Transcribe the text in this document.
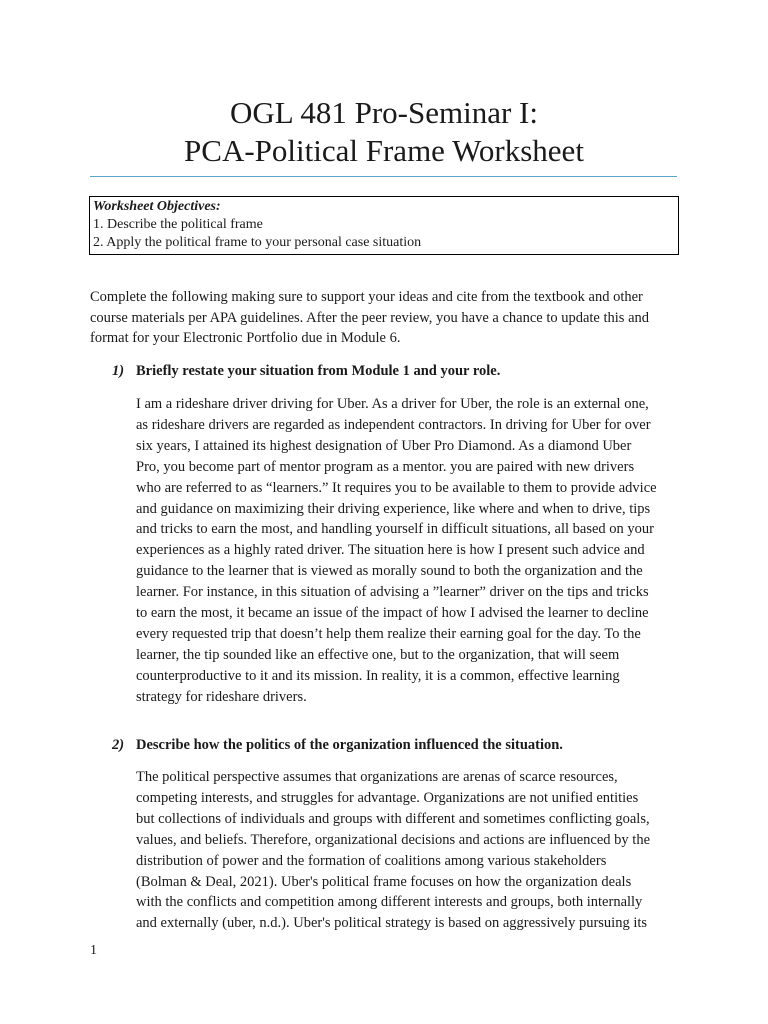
OGL 481 Pro-Seminar I:
PCA-Political Frame Worksheet
Worksheet Objectives:
1. Describe the political frame
2. Apply the political frame to your personal case situation
Complete the following making sure to support your ideas and cite from the textbook and other
course materials per APA guidelines. After the peer review, you have a chance to update this and
format for your Electronic Portfolio due in Module 6.
1) Briefly restate your situation from Module 1 and your role.
I am a rideshare driver driving for Uber. As a driver for Uber, the role is an external one,
as rideshare drivers are regarded as independent contractors. In driving for Uber for over
six years, I attained its highest designation of Uber Pro Diamond. As a diamond Uber
Pro, you become part of mentor program as a mentor. you are paired with new drivers
who are referred to as “learners.” It requires you to be available to them to provide advice
and guidance on maximizing their driving experience, like where and when to drive, tips
and tricks to earn the most, and handling yourself in difficult situations, all based on your
experiences as a highly rated driver. The situation here is how I present such advice and
guidance to the learner that is viewed as morally sound to both the organization and the
learner. For instance, in this situation of advising a ”learner” driver on the tips and tricks
to earn the most, it became an issue of the impact of how I advised the learner to decline
every requested trip that doesn’t help them realize their earning goal for the day. To the
learner, the tip sounded like an effective one, but to the organization, that will seem
counterproductive to it and its mission. In reality, it is a common, effective learning
strategy for rideshare drivers.
2) Describe how the politics of the organization influenced the situation.
The political perspective assumes that organizations are arenas of scarce resources,
competing interests, and struggles for advantage. Organizations are not unified entities
but collections of individuals and groups with different and sometimes conflicting goals,
values, and beliefs. Therefore, organizational decisions and actions are influenced by the
distribution of power and the formation of coalitions among various stakeholders
(Bolman & Deal, 2021). Uber's political frame focuses on how the organization deals
with the conflicts and competition among different interests and groups, both internally
and externally (uber, n.d.). Uber's political strategy is based on aggressively pursuing its
1
